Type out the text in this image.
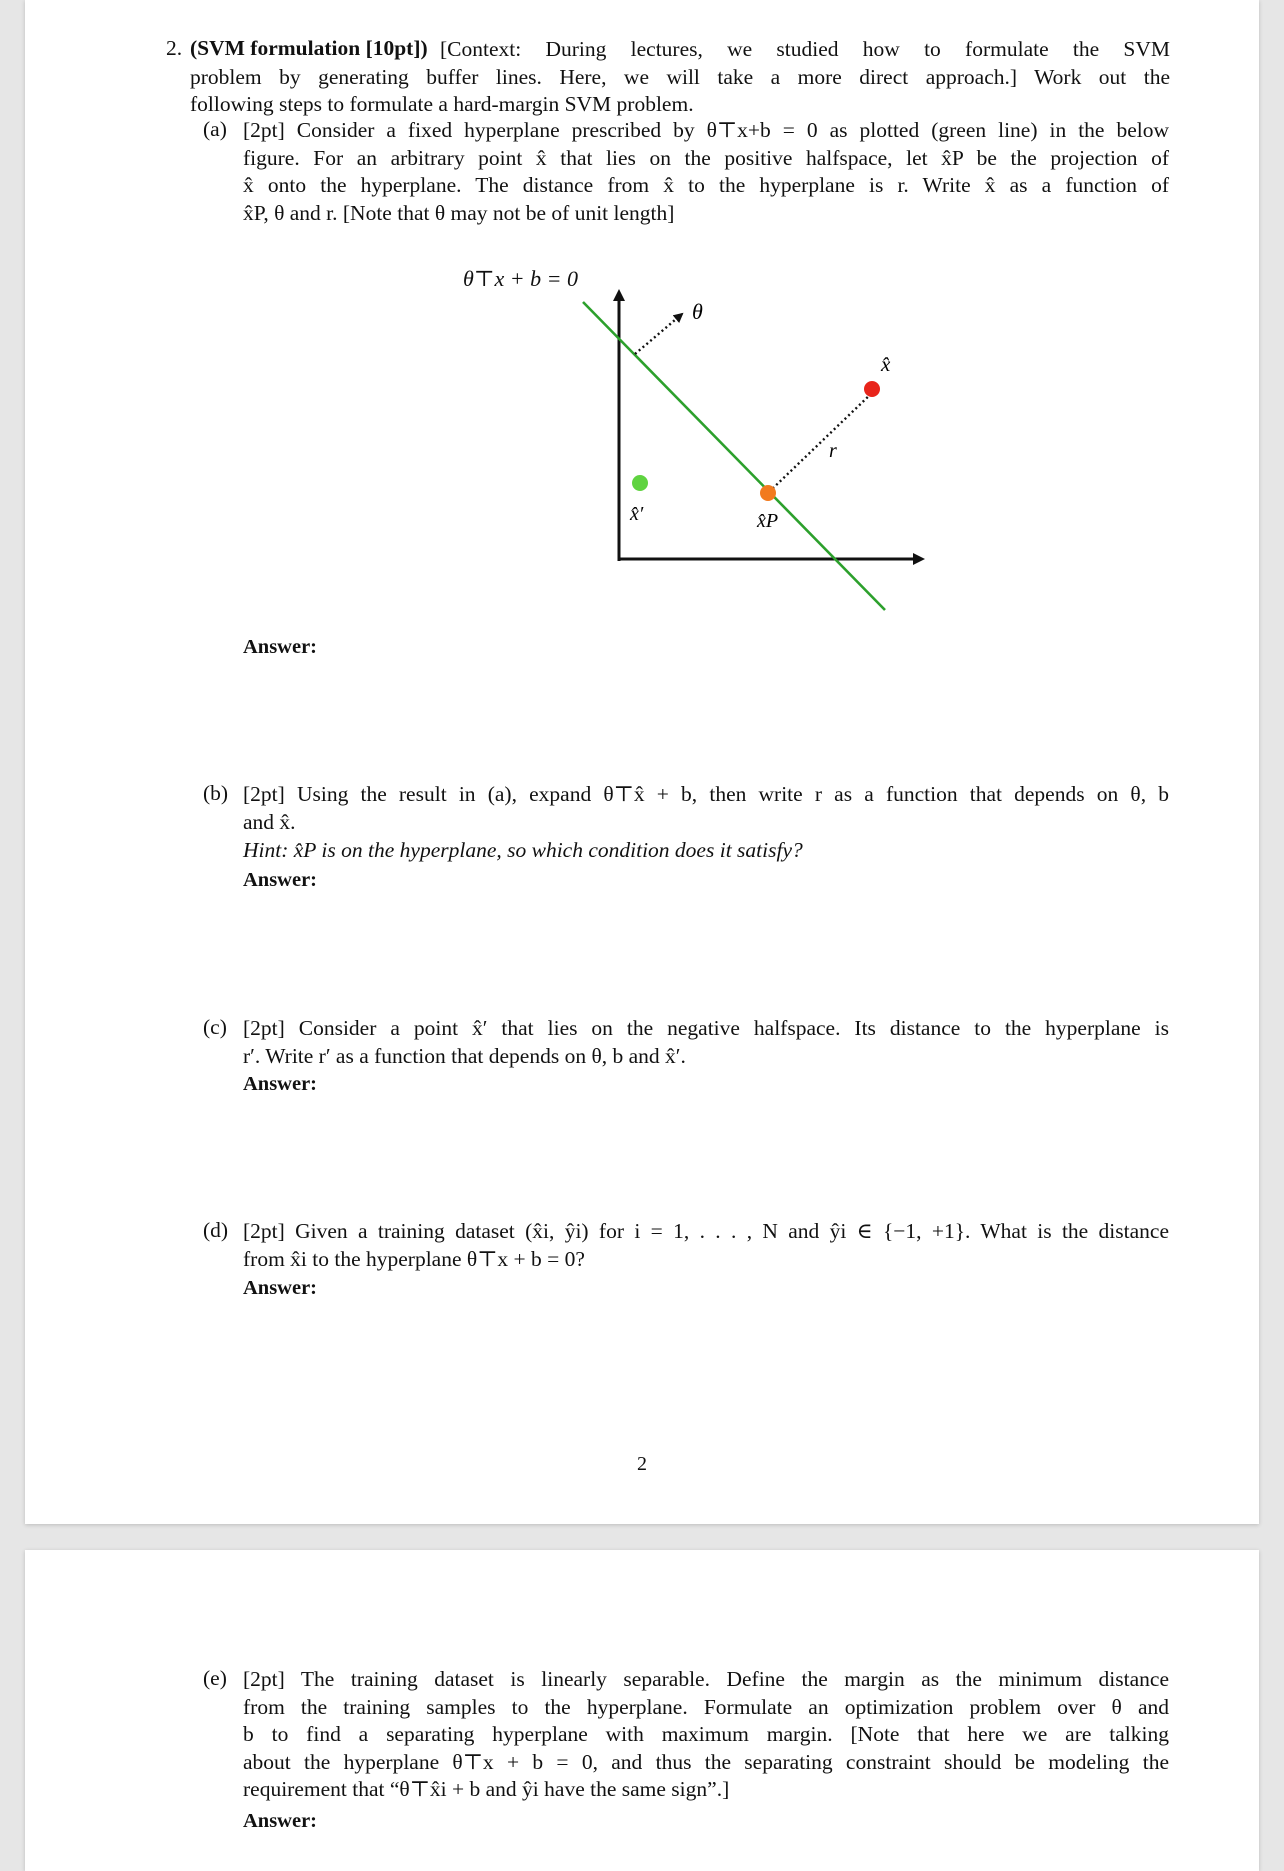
2. (SVM formulation [10pt]) [Context: During lectures, we studied how to formulate the SVM
problem by generating buffer lines. Here, we will take a more direct approach.] Work out the
following steps to formulate a hard-margin SVM problem.
(a) [2pt] Consider a fixed hyperplane prescribed by θ⊤x+b = 0 as plotted (green line) in the below
figure. For an arbitrary point x̂ that lies on the positive halfspace, let x̂P be the projection of
x̂ onto the hyperplane. The distance from x̂ to the hyperplane is r. Write x̂ as a function of
x̂P, θ and r. [Note that θ may not be of unit length]
θ⊤x + b = 0
θ
x̂
r
x̂P
x̂′
Answer:
(b) [2pt] Using the result in (a), expand θ⊤x̂ + b, then write r as a function that depends on θ, b
and x̂.
Hint: x̂P is on the hyperplane, so which condition does it satisfy?
Answer:
(c) [2pt] Consider a point x̂′ that lies on the negative halfspace. Its distance to the hyperplane is
r′. Write r′ as a function that depends on θ, b and x̂′.
Answer:
(d) [2pt] Given a training dataset (x̂i, ŷi) for i = 1, . . . , N and ŷi ∈ {−1, +1}. What is the distance
from x̂i to the hyperplane θ⊤x + b = 0?
Answer:
2
(e) [2pt] The training dataset is linearly separable. Define the margin as the minimum distance
from the training samples to the hyperplane. Formulate an optimization problem over θ and
b to find a separating hyperplane with maximum margin. [Note that here we are talking
about the hyperplane θ⊤x + b = 0, and thus the separating constraint should be modeling the
requirement that “θ⊤x̂i + b and ŷi have the same sign”.]
Answer:
